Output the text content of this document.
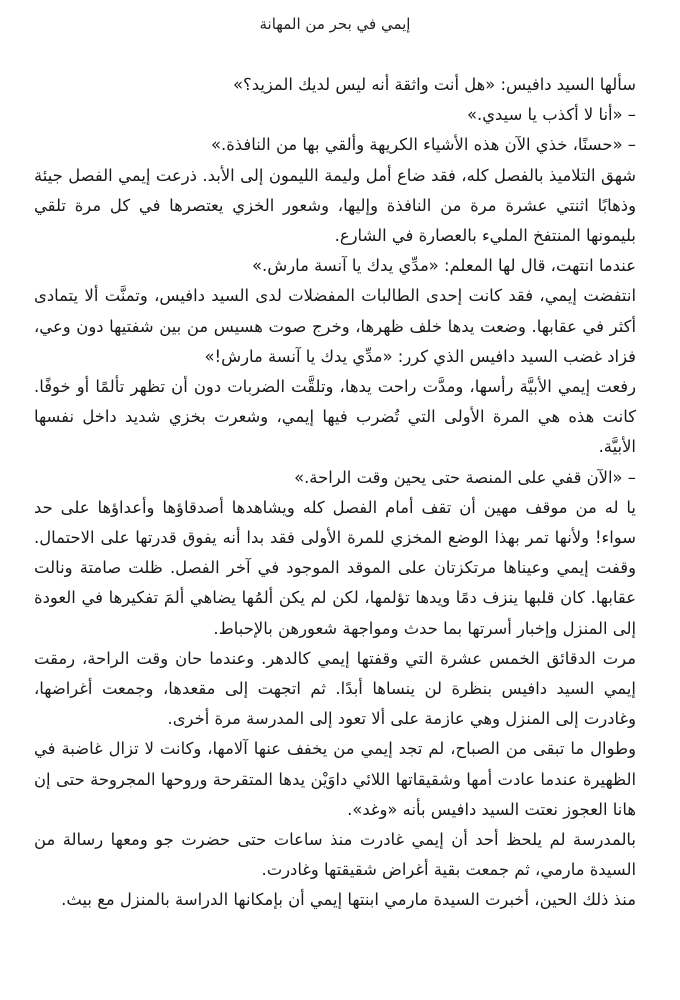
إيمي في بحر من المهانة

سألها السيد دافيس: «هل أنت واثقة أنه ليس لديك المزيد؟»

– «أنا لا أكذب يا سيدي.»

– «حسنًا، خذي الآن هذه الأشياء الكريهة وألقي بها من النافذة.»

شهق التلاميذ بالفصل كله، فقد ضاع أمل وليمة الليمون إلى الأبد. ذرعت إيمي الفصل جيئة وذهابًا اثنتي عشرة مرة من النافذة وإليها، وشعور الخزي يعتصرها في كل مرة تلقي بليمونها المنتفخ المليء بالعصارة في الشارع.

عندما انتهت، قال لها المعلم: «مدِّي يدك يا آنسة مارش.»

انتفضت إيمي، فقد كانت إحدى الطالبات المفضلات لدى السيد دافيس، وتمنَّت ألا يتمادى أكثر في عقابها. وضعت يدها خلف ظهرها، وخرج صوت هسيس من بين شفتيها دون وعي، فزاد غضب السيد دافيس الذي كرر: «مدِّي يدك يا آنسة مارش!»

رفعت إيمي الأبيَّة رأسها، ومدَّت راحت يدها، وتلقَّت الضربات دون أن تظهر تألمًا أو خوفًا. كانت هذه هي المرة الأولى التي تُضرب فيها إيمي، وشعرت بخزي شديد داخل نفسها الأبيَّة.

– «الآن قفي على المنصة حتى يحين وقت الراحة.»

يا له من موقف مهين أن تقف أمام الفصل كله ويشاهدها أصدقاؤها وأعداؤها على حد سواء! ولأنها تمر بهذا الوضع المخزي للمرة الأولى فقد بدا أنه يفوق قدرتها على الاحتمال. وقفت إيمي وعيناها مرتكزتان على الموقد الموجود في آخر الفصل. ظلت صامتة ونالت عقابها. كان قلبها ينزف دمًا ويدها تؤلمها، لكن لم يكن ألمُها يضاهي ألمَ تفكيرها في العودة إلى المنزل وإخبار أسرتها بما حدث ومواجهة شعورهن بالإحباط.

مرت الدقائق الخمس عشرة التي وقفتها إيمي كالدهر. وعندما حان وقت الراحة، رمقت إيمي السيد دافيس بنظرة لن ينساها أبدًا. ثم اتجهت إلى مقعدها، وجمعت أغراضها، وغادرت إلى المنزل وهي عازمة على ألا تعود إلى المدرسة مرة أخرى.

وطوال ما تبقى من الصباح، لم تجد إيمي من يخفف عنها آلامها، وكانت لا تزال غاضبة في الظهيرة عندما عادت أمها وشقيقاتها اللائي داوَيْن يدها المتقرحة وروحها المجروحة حتى إن هانا العجوز نعتت السيد دافيس بأنه «وغد».

بالمدرسة لم يلحظ أحد أن إيمي غادرت منذ ساعات حتى حضرت جو ومعها رسالة من السيدة مارمي، ثم جمعت بقية أغراض شقيقتها وغادرت.

منذ ذلك الحين، أخبرت السيدة مارمي ابنتها إيمي أن بإمكانها الدراسة بالمنزل مع بيث.
